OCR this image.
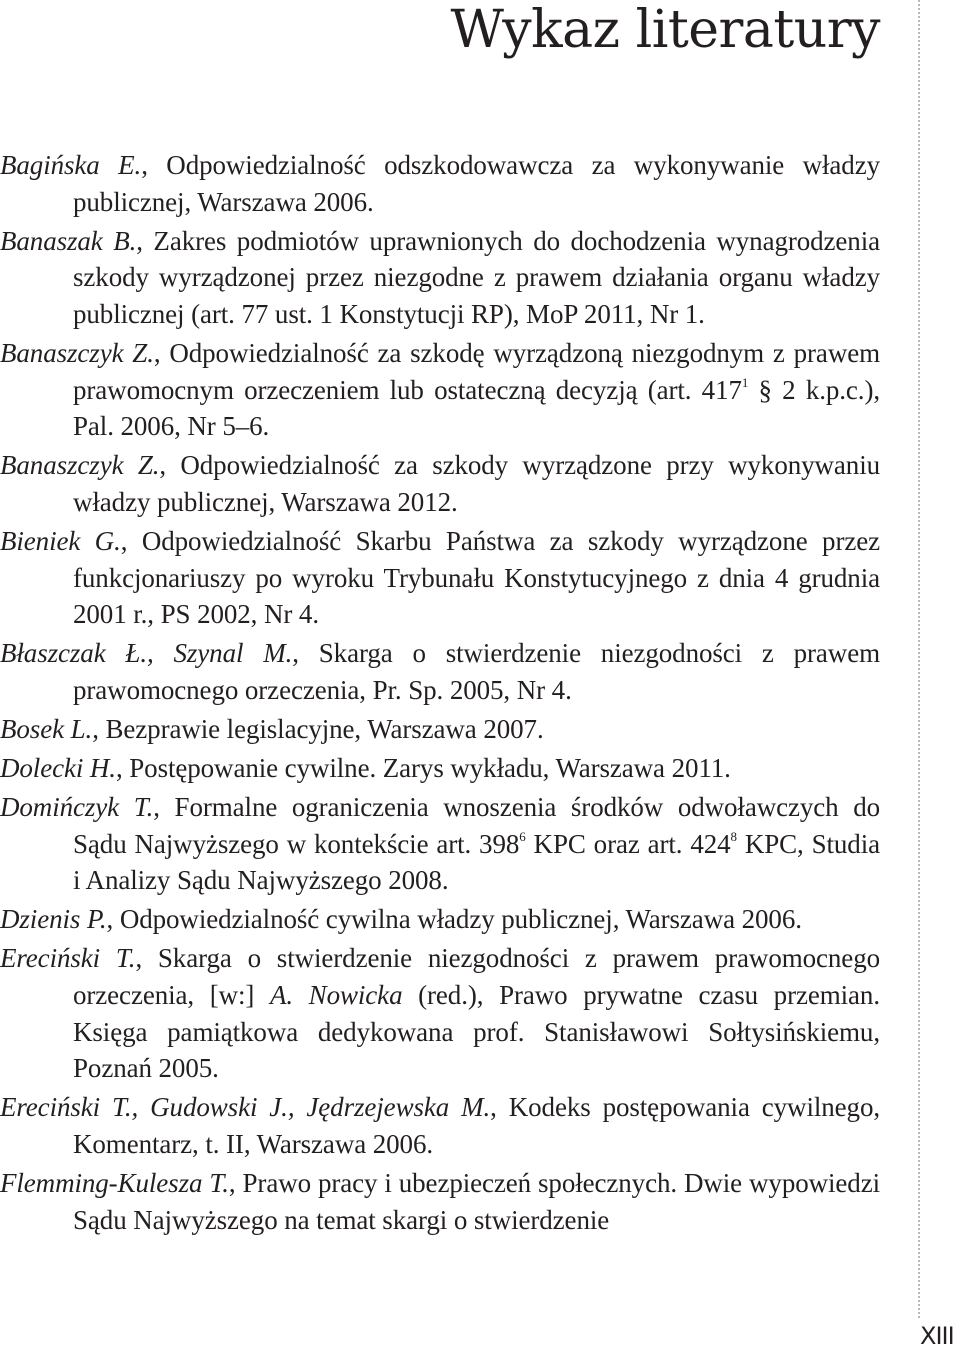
Wykaz literatury

Bagińska E., Odpowiedzialność odszkodowawcza za wykonywanie władzy publicznej, Warszawa 2006.

Banaszak B., Zakres podmiotów uprawnionych do dochodzenia wynagrodzenia szkody wyrządzonej przez niezgodne z prawem działania organu władzy publicznej (art. 77 ust. 1 Konstytucji RP), MoP 2011, Nr 1.

Banaszczyk Z., Odpowiedzialność za szkodę wyrządzoną niezgodnym z prawem prawomocnym orzeczeniem lub ostateczną decyzją (art. $417^1$ § 2 k.p.c.), Pal. 2006, Nr 5–6.

Banaszczyk Z., Odpowiedzialność za szkody wyrządzone przy wykonywaniu władzy publicznej, Warszawa 2012.

Bieniek G., Odpowiedzialność Skarbu Państwa za szkody wyrządzone przez funkcjonariuszy po wyroku Trybunału Konstytucyjnego z dnia 4 grudnia 2001 r., PS 2002, Nr 4.

Błaszczak Ł., Szynal M., Skarga o stwierdzenie niezgodności z prawem prawomocnego orzeczenia, Pr. Sp. 2005, Nr 4.

Bosek L., Bezprawie legislacyjne, Warszawa 2007.

Dolecki H., Postępowanie cywilne. Zarys wykładu, Warszawa 2011.

Domińczyk T., Formalne ograniczenia wnoszenia środków odwoławczych do Sądu Najwyższego w kontekście art. $398^6$ KPC oraz art. $424^8$ KPC, Studia i Analizy Sądu Najwyższego 2008.

Dzienis P., Odpowiedzialność cywilna władzy publicznej, Warszawa 2006.

Ereciński T., Skarga o stwierdzenie niezgodności z prawem prawomocnego orzeczenia, [w:] A. Nowicka (red.), Prawo prywatne czasu przemian. Księga pamiątkowa dedykowana prof. Stanisławowi Sołtysińskiemu, Poznań 2005.

Ereciński T., Gudowski J., Jędrzejewska M., Kodeks postępowania cywilnego, Komentarz, t. II, Warszawa 2006.

Flemming-Kulesza T., Prawo pracy i ubezpieczeń społecznych. Dwie wypowiedzi Sądu Najwyższego na temat skargi o stwierdzenie

XIII
